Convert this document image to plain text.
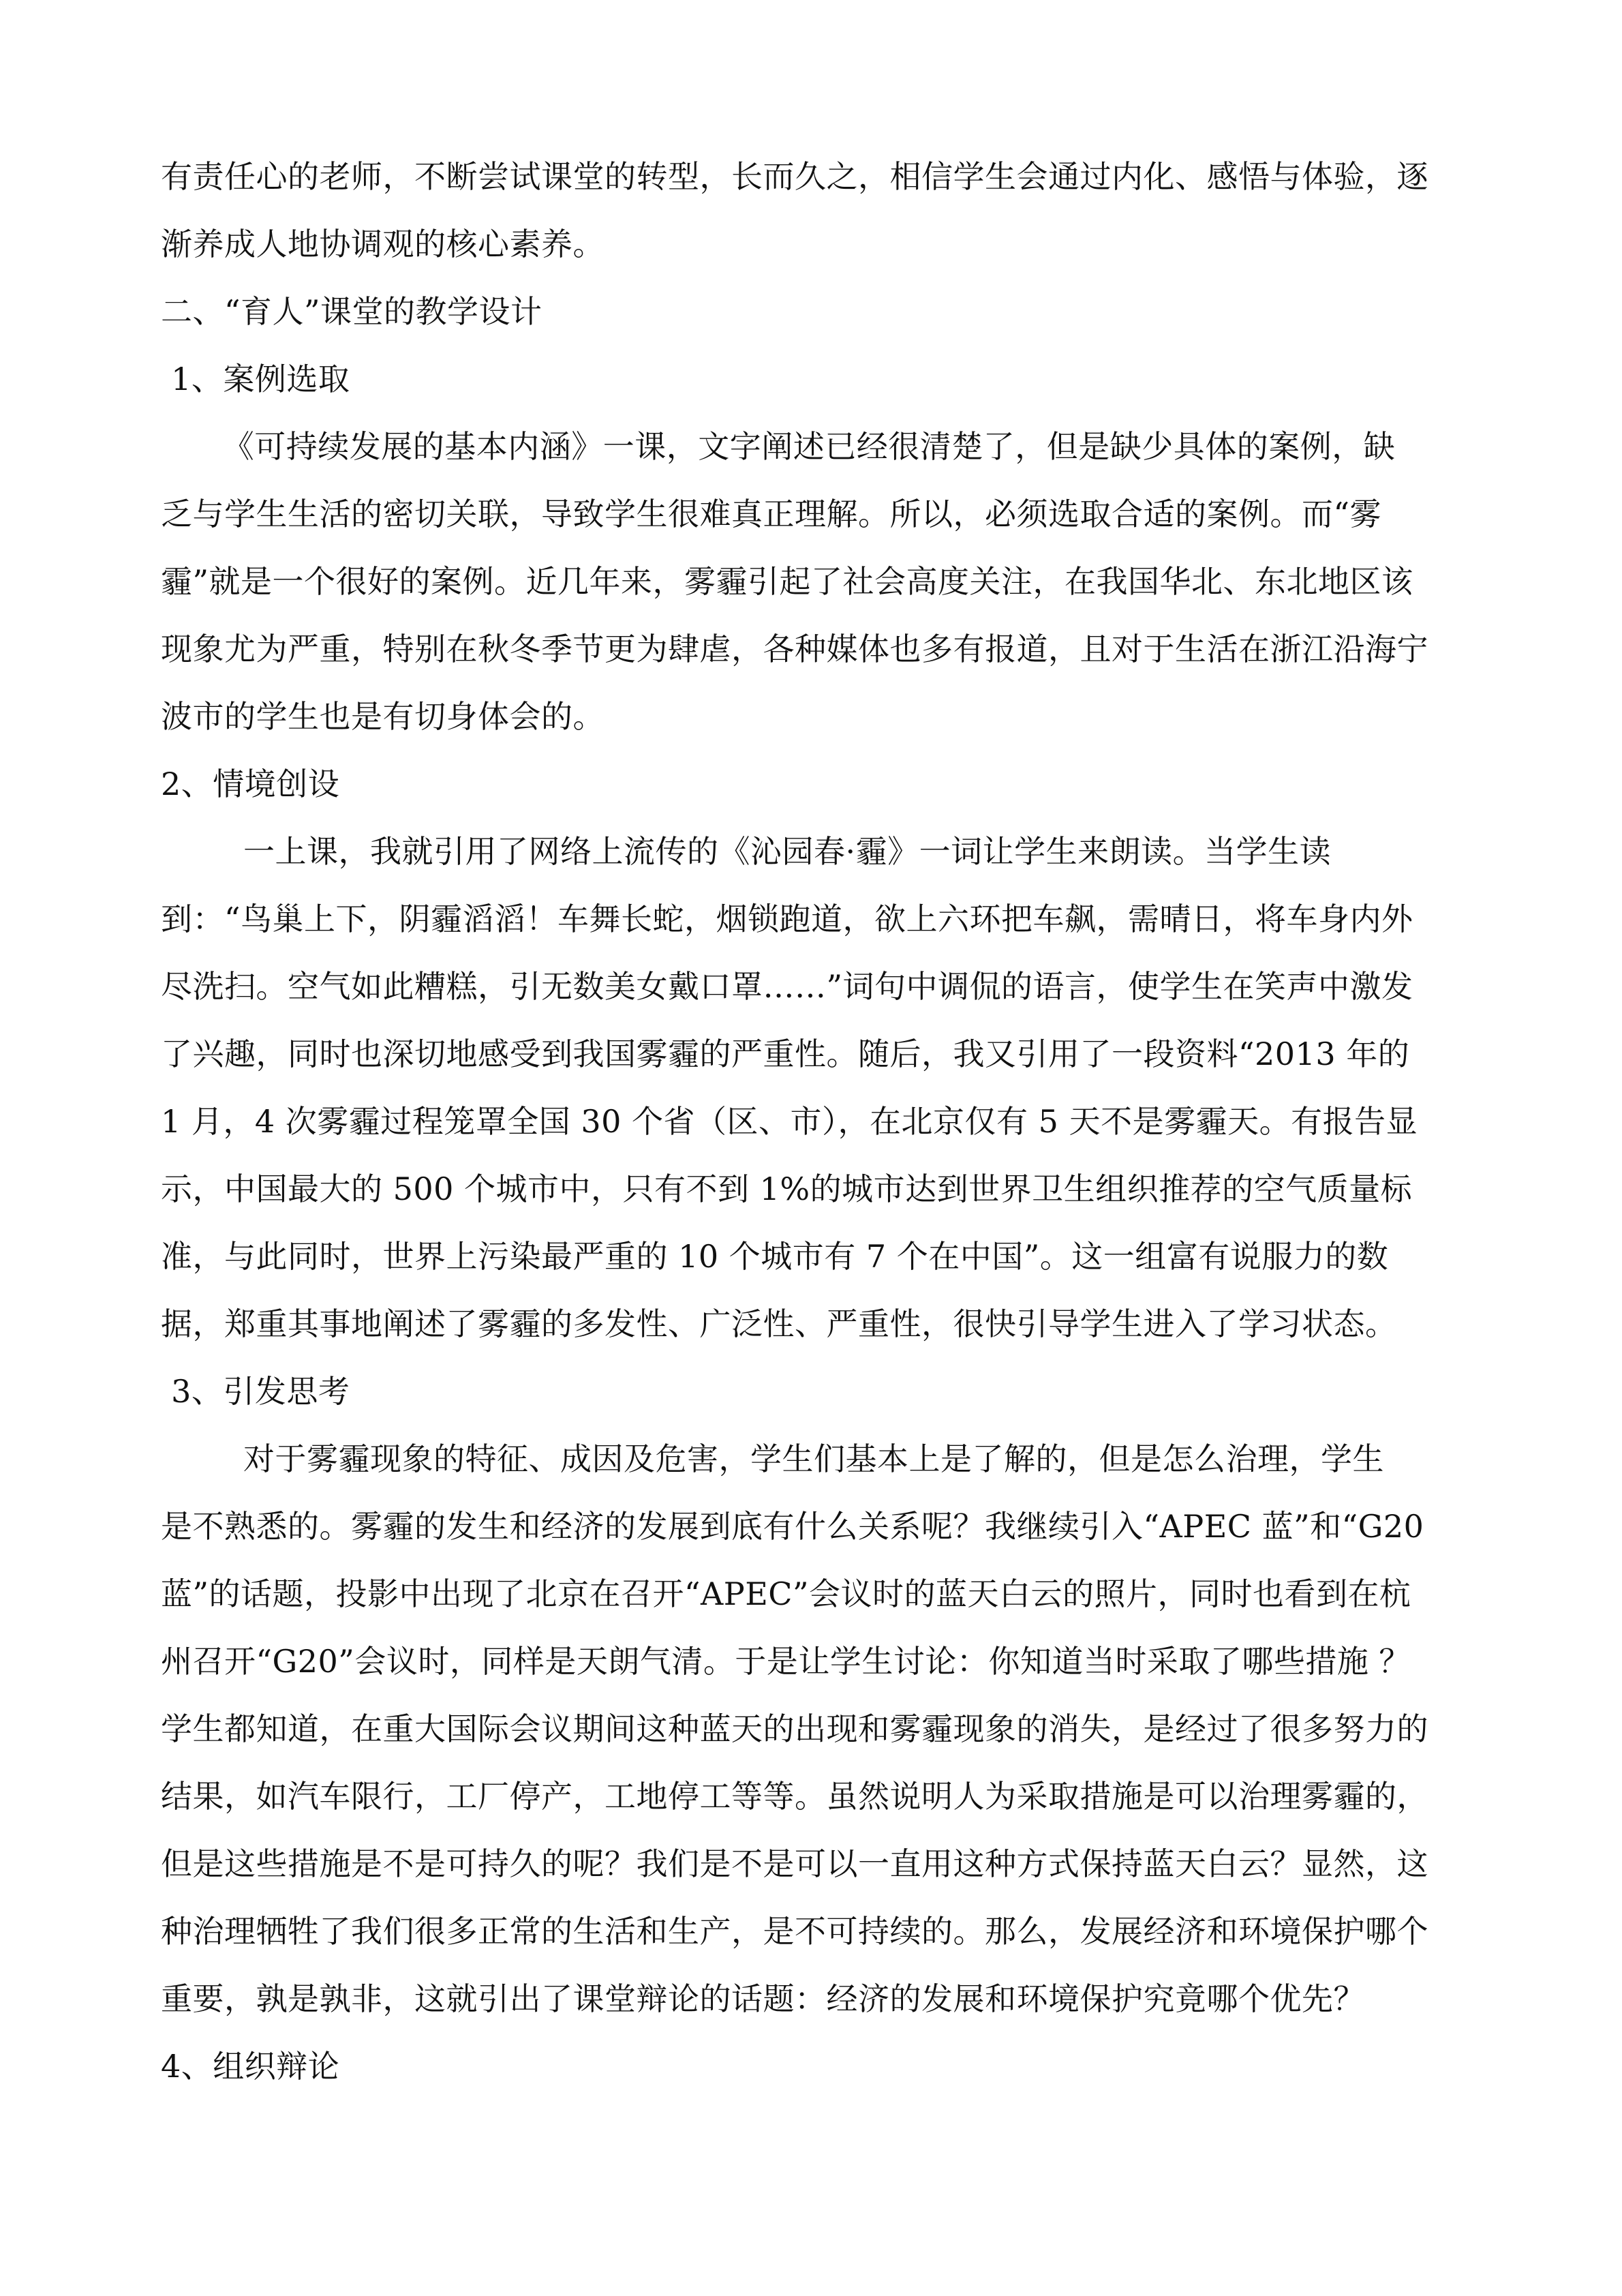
有责任心的老师，不断尝试课堂的转型，长而久之，相信学生会通过内化、感悟与体验，逐
渐养成人地协调观的核心素养。

二、“育人”课堂的教学设计

1、案例选取

《可持续发展的基本内涵》一课，文字阐述已经很清楚了，但是缺少具体的案例，缺
乏与学生生活的密切关联，导致学生很难真正理解。所以，必须选取合适的案例。而“雾
霾”就是一个很好的案例。近几年来，雾霾引起了社会高度关注，在我国华北、东北地区该
现象尤为严重，特别在秋冬季节更为肆虐，各种媒体也多有报道，且对于生活在浙江沿海宁
波市的学生也是有切身体会的。

2、情境创设

一上课，我就引用了网络上流传的《沁园春·霾》一词让学生来朗读。当学生读
到：“鸟巢上下，阴霾滔滔！车舞长蛇，烟锁跑道，欲上六环把车飙，需晴日，将车身内外
尽洗扫。空气如此糟糕，引无数美女戴口罩……”词句中调侃的语言，使学生在笑声中激发
了兴趣，同时也深切地感受到我国雾霾的严重性。随后，我又引用了一段资料“2013 年的
1 月，4 次雾霾过程笼罩全国 30 个省（区、市），在北京仅有 5 天不是雾霾天。有报告显
示，中国最大的 500 个城市中，只有不到 1%的城市达到世界卫生组织推荐的空气质量标
准，与此同时，世界上污染最严重的 10 个城市有 7 个在中国”。这一组富有说服力的数
据，郑重其事地阐述了雾霾的多发性、广泛性、严重性，很快引导学生进入了学习状态。

3、引发思考

对于雾霾现象的特征、成因及危害，学生们基本上是了解的，但是怎么治理，学生
是不熟悉的。雾霾的发生和经济的发展到底有什么关系呢？我继续引入“APEC 蓝”和“G20
蓝”的话题，投影中出现了北京在召开“APEC”会议时的蓝天白云的照片，同时也看到在杭
州召开“G20”会议时，同样是天朗气清。于是让学生讨论：你知道当时采取了哪些措施 ？
学生都知道，在重大国际会议期间这种蓝天的出现和雾霾现象的消失，是经过了很多努力的
结果，如汽车限行，工厂停产，工地停工等等。虽然说明人为采取措施是可以治理雾霾的，
但是这些措施是不是可持久的呢？我们是不是可以一直用这种方式保持蓝天白云？显然，这
种治理牺牲了我们很多正常的生活和生产，是不可持续的。那么，发展经济和环境保护哪个
重要，孰是孰非，这就引出了课堂辩论的话题：经济的发展和环境保护究竟哪个优先？

4、组织辩论
